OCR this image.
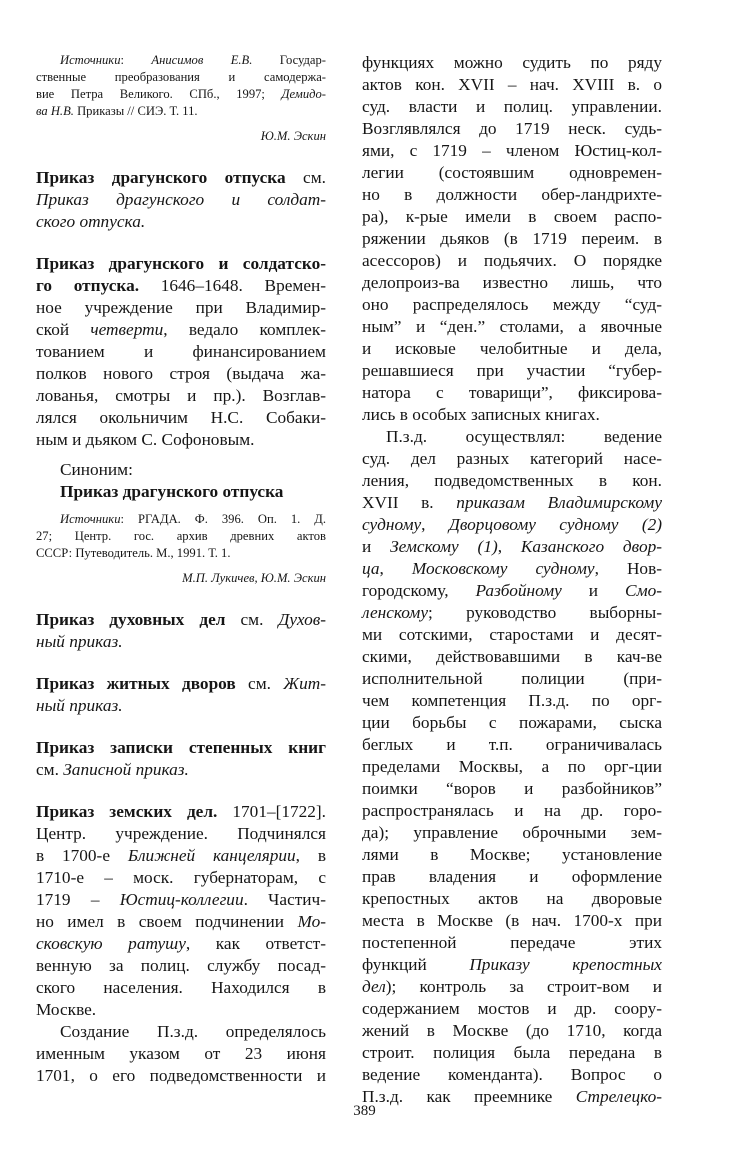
Источники: Анисимов Е.В. Государ-
ственные преобразования и самодержа-
вие Петра Великого. СПб., 1997; Демидо-
ва Н.В. Приказы // СИЭ. Т. 11.
Ю.М. Эскин
Приказ драгунского отпуска см.
Приказ драгунского и солдат-
ского отпуска.
Приказ драгунского и солдатско-
го отпуска. 1646–1648. Времен-
ное учреждение при Владимир-
ской четверти, ведало комплек-
тованием и финансированием
полков нового строя (выдача жа-
лованья, смотры и пр.). Возглав-
лялся окольничим Н.С. Собаки-
ным и дьяком С. Софоновым.
Синоним:
Приказ драгунского отпуска
Источники: РГАДА. Ф. 396. Оп. 1. Д.
27; Центр. гос. архив древних актов
СССР: Путеводитель. М., 1991. Т. 1.
М.П. Лукичев, Ю.М. Эскин
Приказ духовных дел см. Духов-
ный приказ.
Приказ житных дворов см. Жит-
ный приказ.
Приказ записки степенных книг
см. Записной приказ.
Приказ земских дел. 1701–[1722].
Центр. учреждение. Подчинялся
в 1700-е Ближней канцелярии, в
1710-е – моск. губернаторам, с
1719 – Юстиц-коллегии. Частич-
но имел в своем подчинении Мо-
сковскую ратушу, как ответст-
венную за полиц. службу посад-
ского населения. Находился в
Москве.
Создание П.з.д. определялось
именным указом от 23 июня
1701, о его подведомственности и
функциях можно судить по ряду
актов кон. XVII – нач. XVIII в. о
суд. власти и полиц. управлении.
Возглявлялся до 1719 неск. судь-
ями, с 1719 – членом Юстиц-кол-
легии (состоявшим одновремен-
но в должности обер-ландрихте-
ра), к-рые имели в своем распо-
ряжении дьяков (в 1719 переим. в
асессоров) и подьячих. О порядке
делопроиз-ва известно лишь, что
оно распределялось между “суд-
ным” и “ден.” столами, а явочные
и исковые челобитные и дела,
решавшиеся при участии “губер-
натора с товарищи”, фиксирова-
лись в особых записных книгах.
П.з.д. осуществлял: ведение
суд. дел разных категорий насе-
ления, подведомственных в кон.
XVII в. приказам Владимирскому
судному, Дворцовому судному (2)
и Земскому (1), Казанского двор-
ца, Московскому судному, Нов-
городскому, Разбойному и Смо-
ленскому; руководство выборны-
ми сотскими, старостами и десят-
скими, действовавшими в кач-ве
исполнительной полиции (при-
чем компетенция П.з.д. по орг-
ции борьбы с пожарами, сыска
беглых и т.п. ограничивалась
пределами Москвы, а по орг-ции
поимки “воров и разбойников”
распространялась и на др. горо-
да); управление оброчными зем-
лями в Москве; установление
прав владения и оформление
крепостных актов на дворовые
места в Москве (в нач. 1700-х при
постепенной передаче этих
функций Приказу крепостных
дел); контроль за строит-вом и
содержанием мостов и др. соору-
жений в Москве (до 1710, когда
строит. полиция была передана в
ведение коменданта). Вопрос о
П.з.д. как преемнике Стрелецко-
389
